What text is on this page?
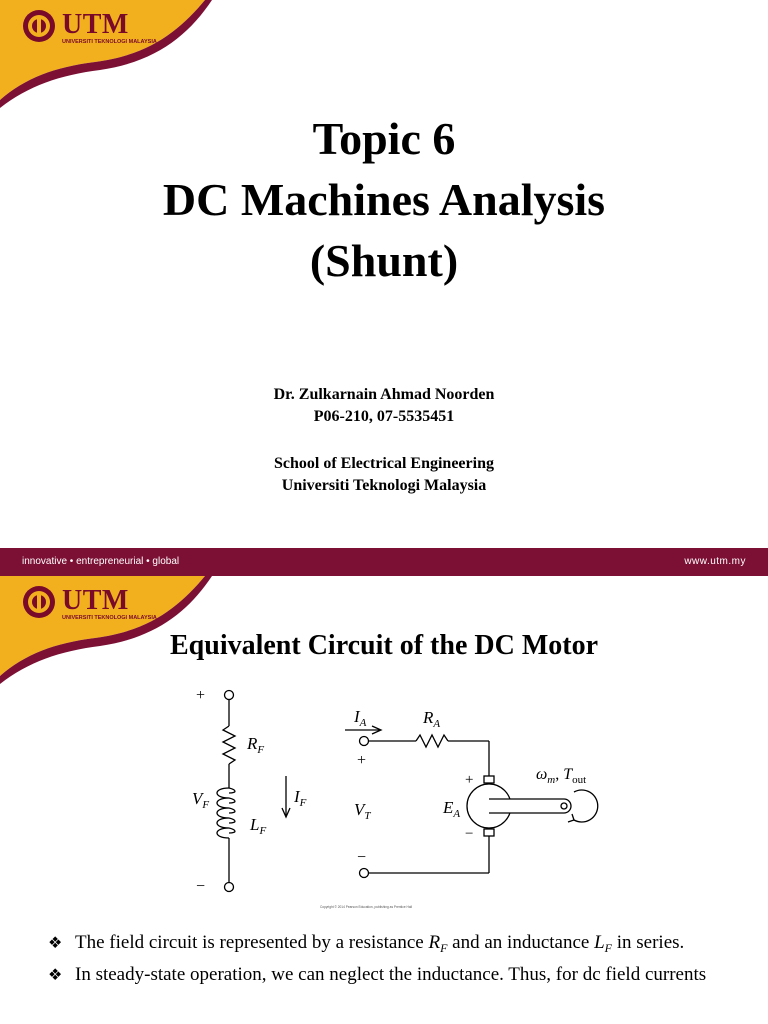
UTM
UNIVERSITI TEKNOLOGI MALAYSIA
Topic 6
DC Machines Analysis
(Shunt)
Dr. Zulkarnain Ahmad Noorden
P06-210, 07-5535451
School of Electrical Engineering
Universiti Teknologi Malaysia
innovative • entrepreneurial • global	www.utm.my
UTM
UNIVERSITI TEKNOLOGI MALAYSIA
Equivalent Circuit of the DC Motor
+
−
$R_F$
$V_F$	$I_F$
$L_F$
$I_A$	$R_A$
+
−
$V_T$	$E_A$
+
−
$\omega_m$, $T_{out}$
Copyright © 2014 Pearson Education, publishing as Prentice Hall
❖ The field circuit is represented by a resistance $R_F$ and an inductance $L_F$ in series.
❖ In steady-state operation, we can neglect the inductance. Thus, for dc field currents
